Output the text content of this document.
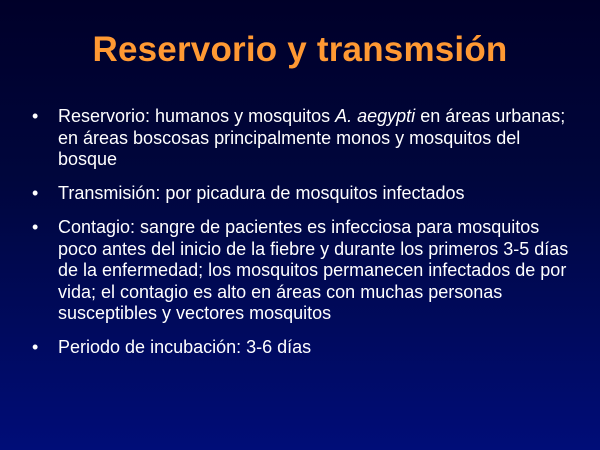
Reservorio y transmsión
•	Reservorio: humanos y mosquitos A. aegypti en áreas urbanas; en áreas boscosas principalmente monos y mosquitos del bosque
•	Transmisión: por picadura de mosquitos infectados
•	Contagio: sangre de pacientes es infecciosa para mosquitos poco antes del inicio de la fiebre y durante los primeros 3-5 días de la enfermedad; los mosquitos permanecen infectados de por vida; el contagio es alto en áreas con muchas personas susceptibles y vectores mosquitos
•	Periodo de incubación: 3-6 días
